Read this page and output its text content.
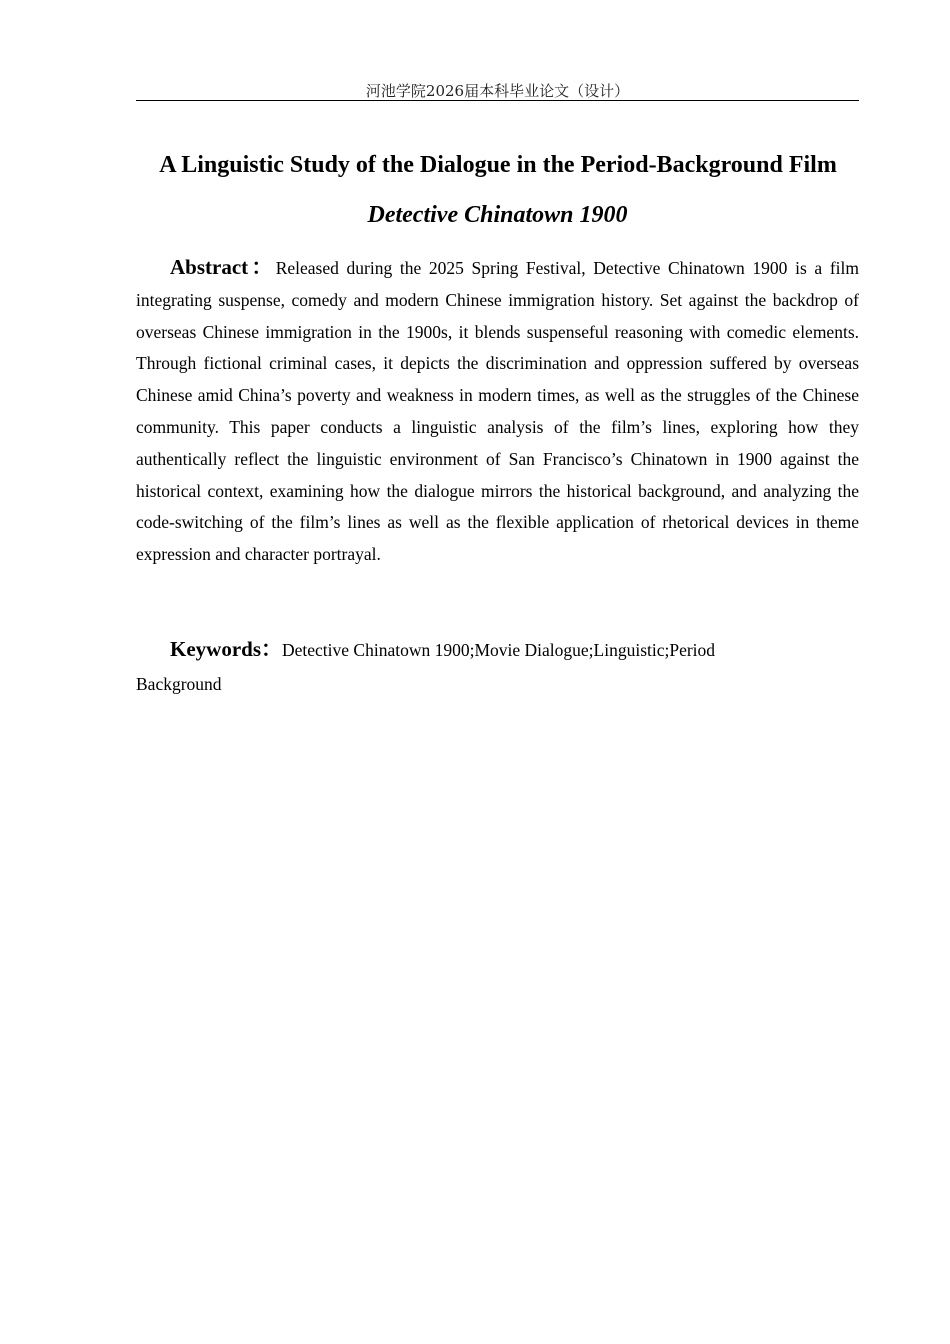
河池学院2026届本科毕业论文（设计）
A Linguistic Study of the Dialogue in the Period-Background Film
Detective Chinatown 1900

Abstract：Released during the 2025 Spring Festival, Detective Chinatown 1900 is a film integrating suspense, comedy and modern Chinese immigration history. Set against the backdrop of overseas Chinese immigration in the 1900s, it blends suspenseful reasoning with comedic elements. Through fictional criminal cases, it depicts the discrimination and oppression suffered by overseas Chinese amid China’s poverty and weakness in modern times, as well as the struggles of the Chinese community. This paper conducts a linguistic analysis of the film’s lines, exploring how they authentically reflect the linguistic environment of San Francisco’s Chinatown in 1900 against the historical context, examining how the dialogue mirrors the historical background, and analyzing the code-switching of the film’s lines as well as the flexible application of rhetorical devices in theme expression and character portrayal.

Keywords：Detective Chinatown 1900;Movie Dialogue;Linguistic;Period Background
